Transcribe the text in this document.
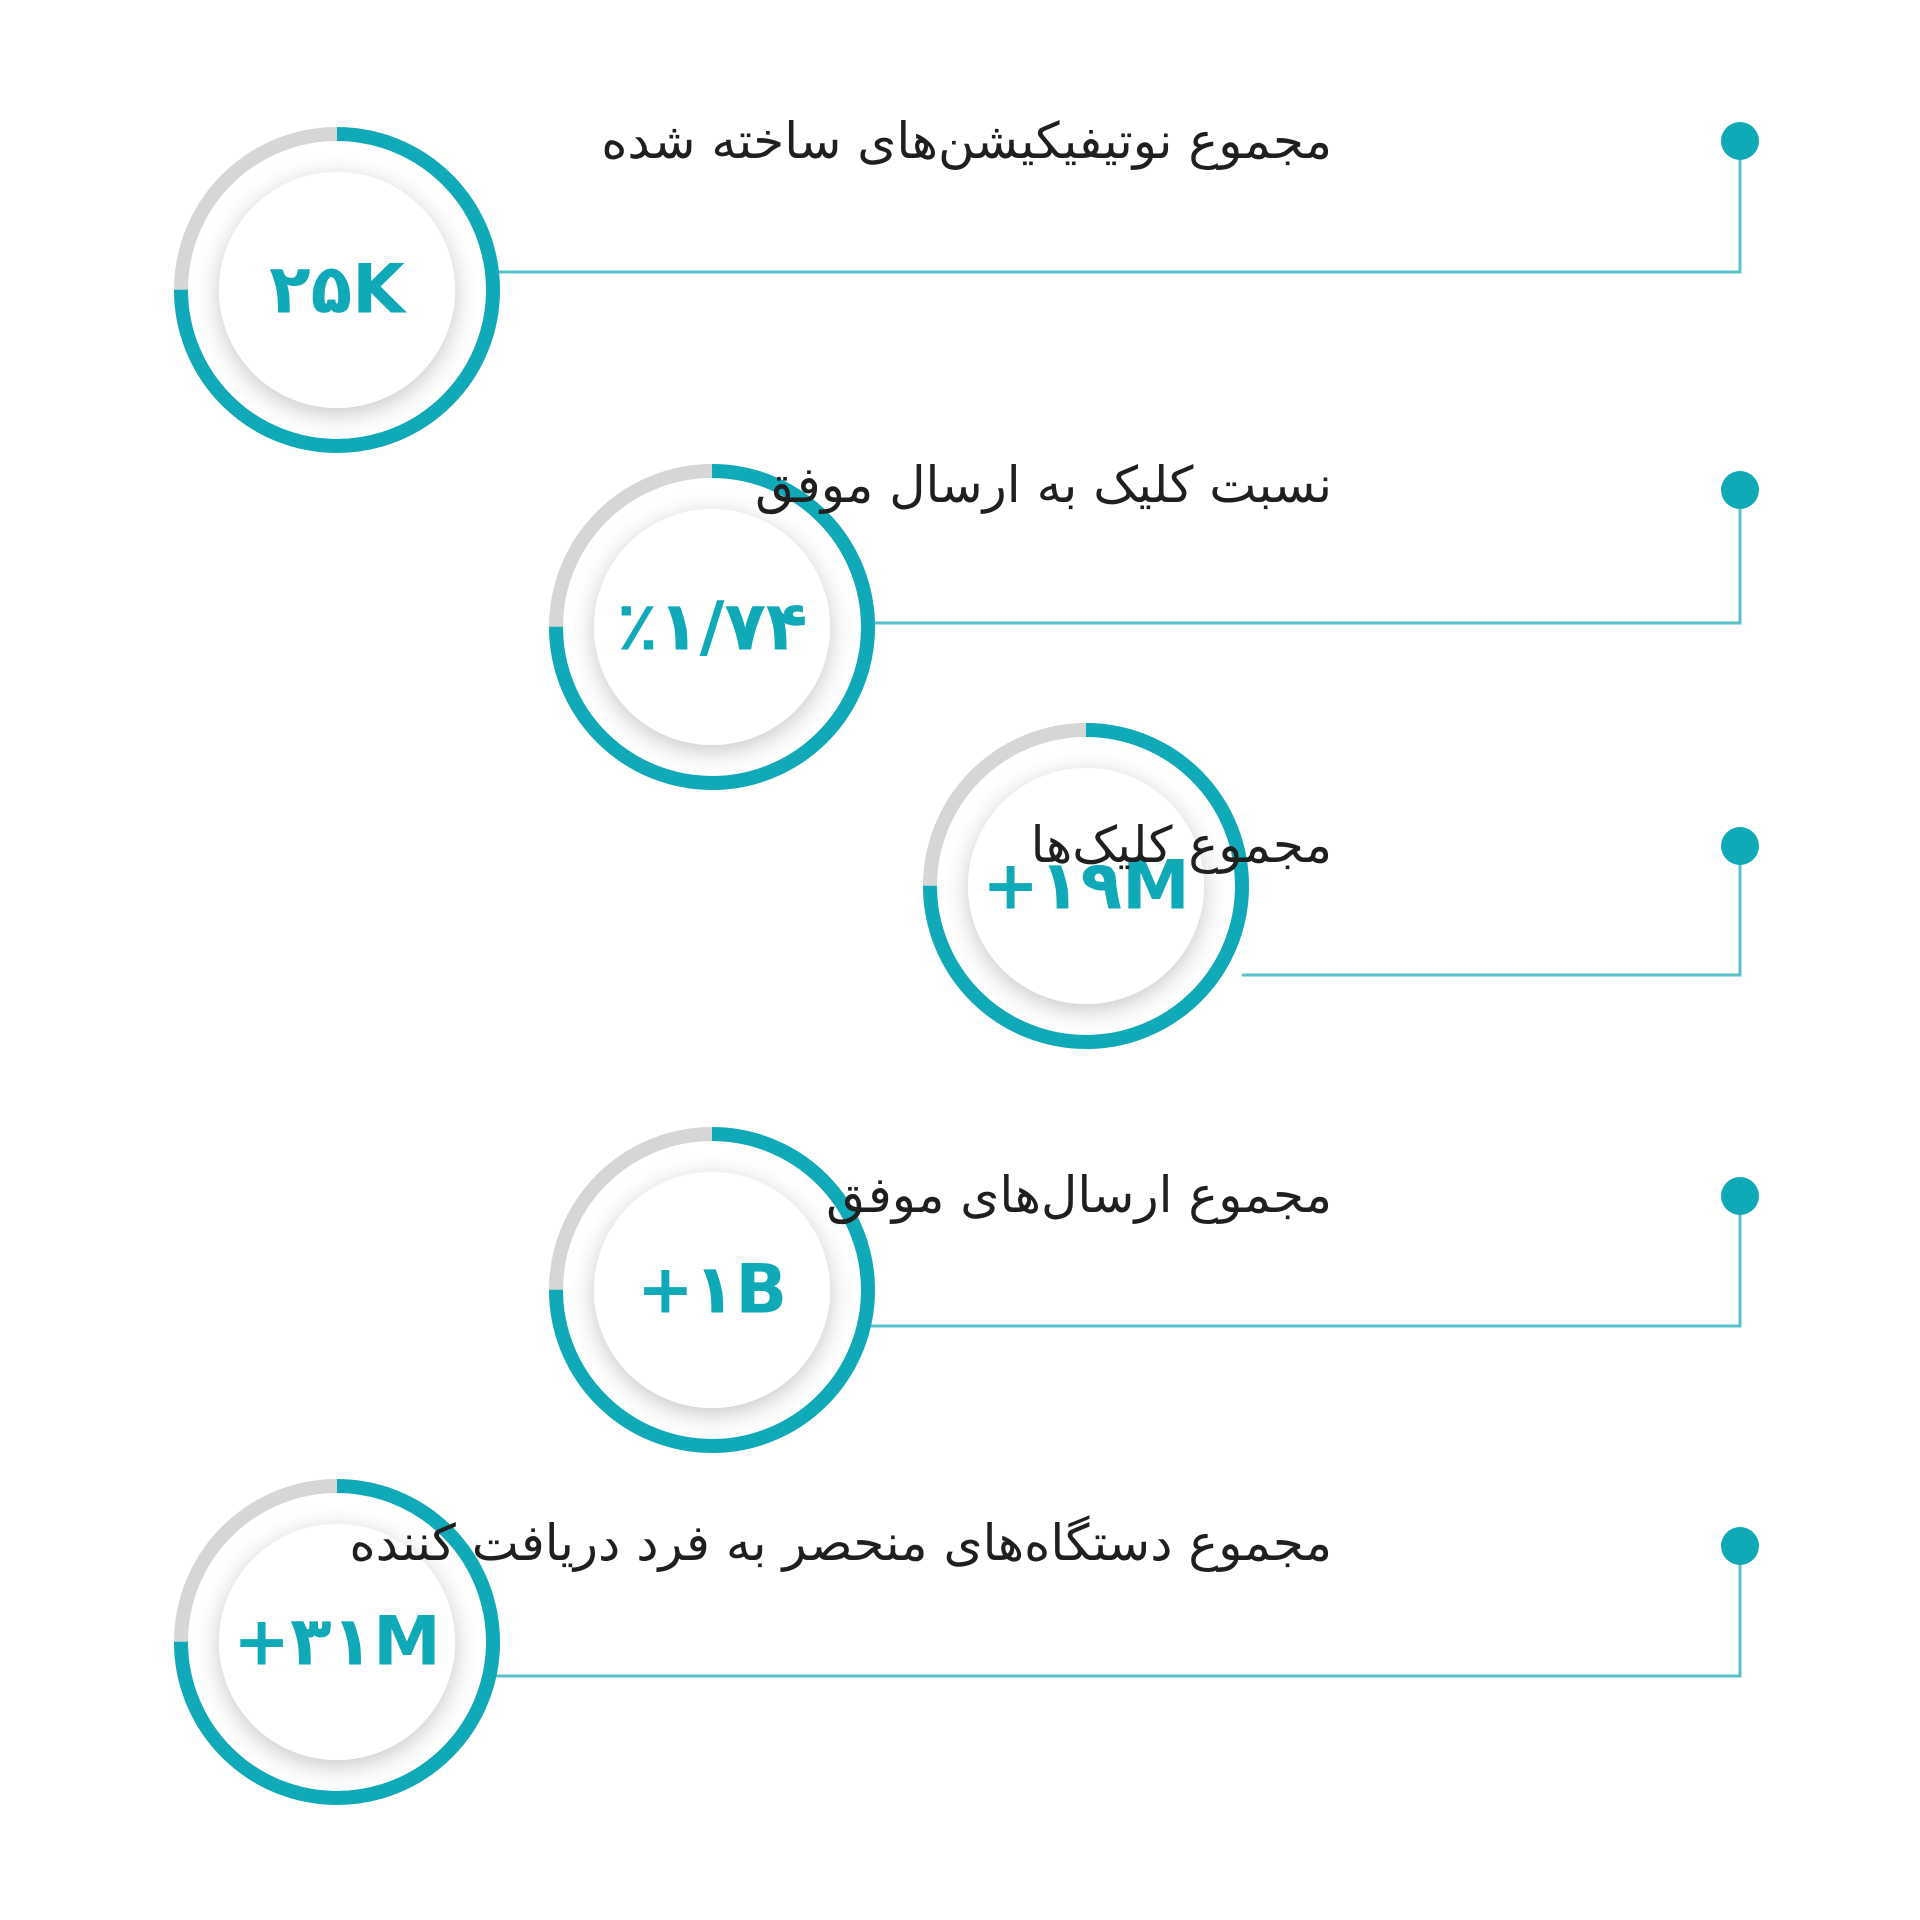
۲۵K
٪۱/۷۴
+۱۹M
+۱B
+۳۱M
مجموع نوتیفیکیشن‌های ساخته شده
نسبت کلیک به ارسال موفق
مجموع کلیک‌ها
مجموع ارسال‌های موفق
مجموع دستگاه‌های منحصر به فرد دریافت کننده
